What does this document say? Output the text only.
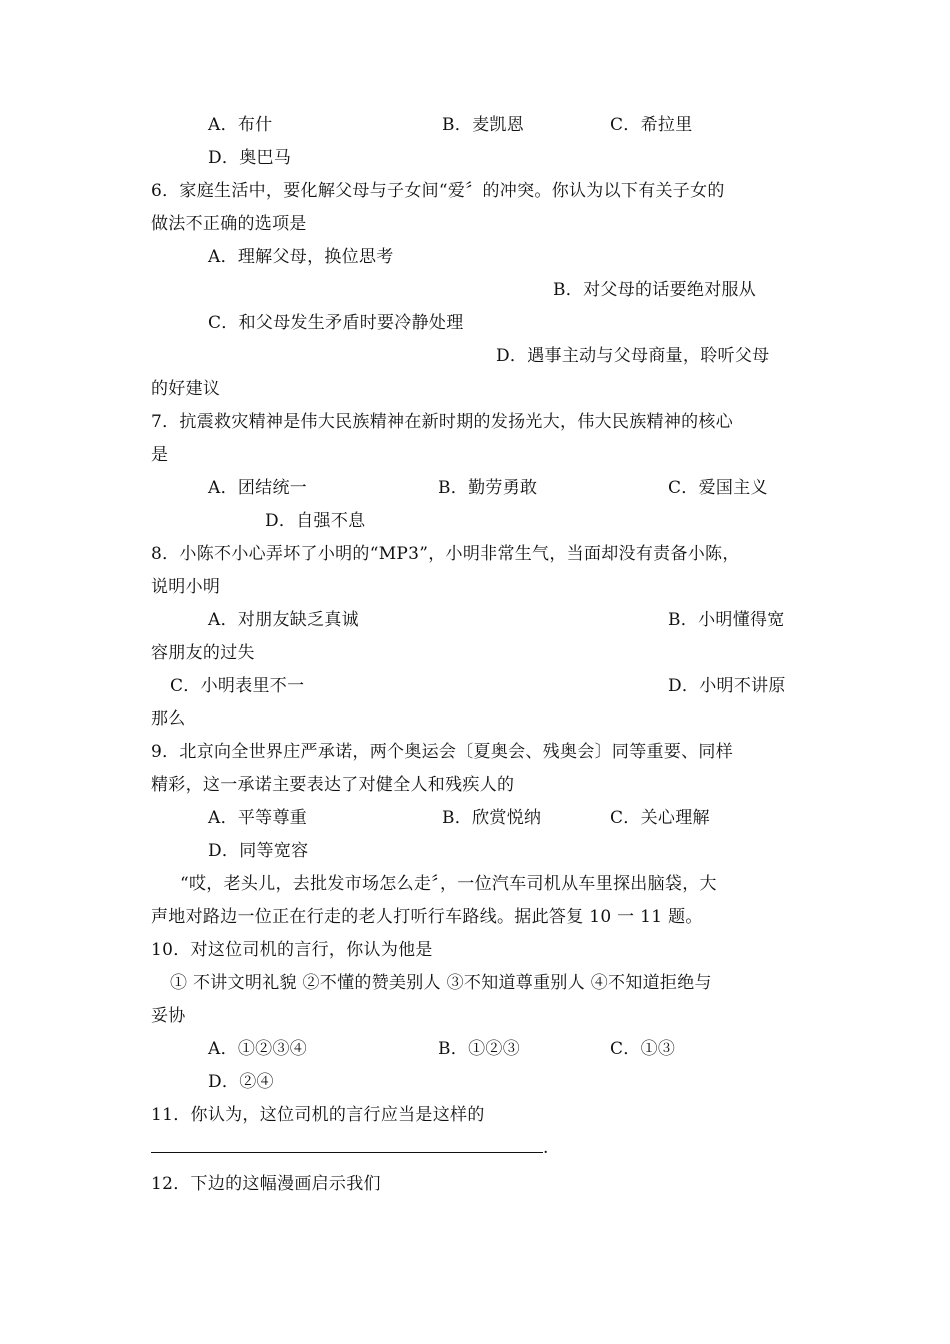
A．布什	B．麦凯恩	C．希拉里
D．奥巴马
6．家庭生活中，要化解父母与子女间“爱〞的冲突。你认为以下有关子女的
做法不正确的选项是
A．理解父母，换位思考
B．对父母的话要绝对服从
C．和父母发生矛盾时要冷静处理
D．遇事主动与父母商量，聆听父母
的好建议
7．抗震救灾精神是伟大民族精神在新时期的发扬光大，伟大民族精神的核心
是
A．团结统一	B．勤劳勇敢	C．爱国主义
D．自强不息
8．小陈不小心弄坏了小明的“MP3”，小明非常生气，当面却没有责备小陈，
说明小明
A．对朋友缺乏真诚	B．小明懂得宽
容朋友的过失
C．小明表里不一	D．小明不讲原
那么
9．北京向全世界庄严承诺，两个奥运会〔夏奥会、残奥会〕同等重要、同样
精彩，这一承诺主要表达了对健全人和残疾人的
A．平等尊重	B．欣赏悦纳	C．关心理解
D．同等宽容
“哎，老头儿，去批发市场怎么走〞，一位汽车司机从车里探出脑袋，大
声地对路边一位正在行走的老人打听行车路线。据此答复 10 一 11 题。
10．对这位司机的言行，你认为他是
① 不讲文明礼貌 ②不懂的赞美别人 ③不知道尊重别人 ④不知道拒绝与
妥协
A．①②③④	B．①②③	C．①③
D．②④
11．你认为，这位司机的言行应当是这样的
.
12．下边的这幅漫画启示我们
